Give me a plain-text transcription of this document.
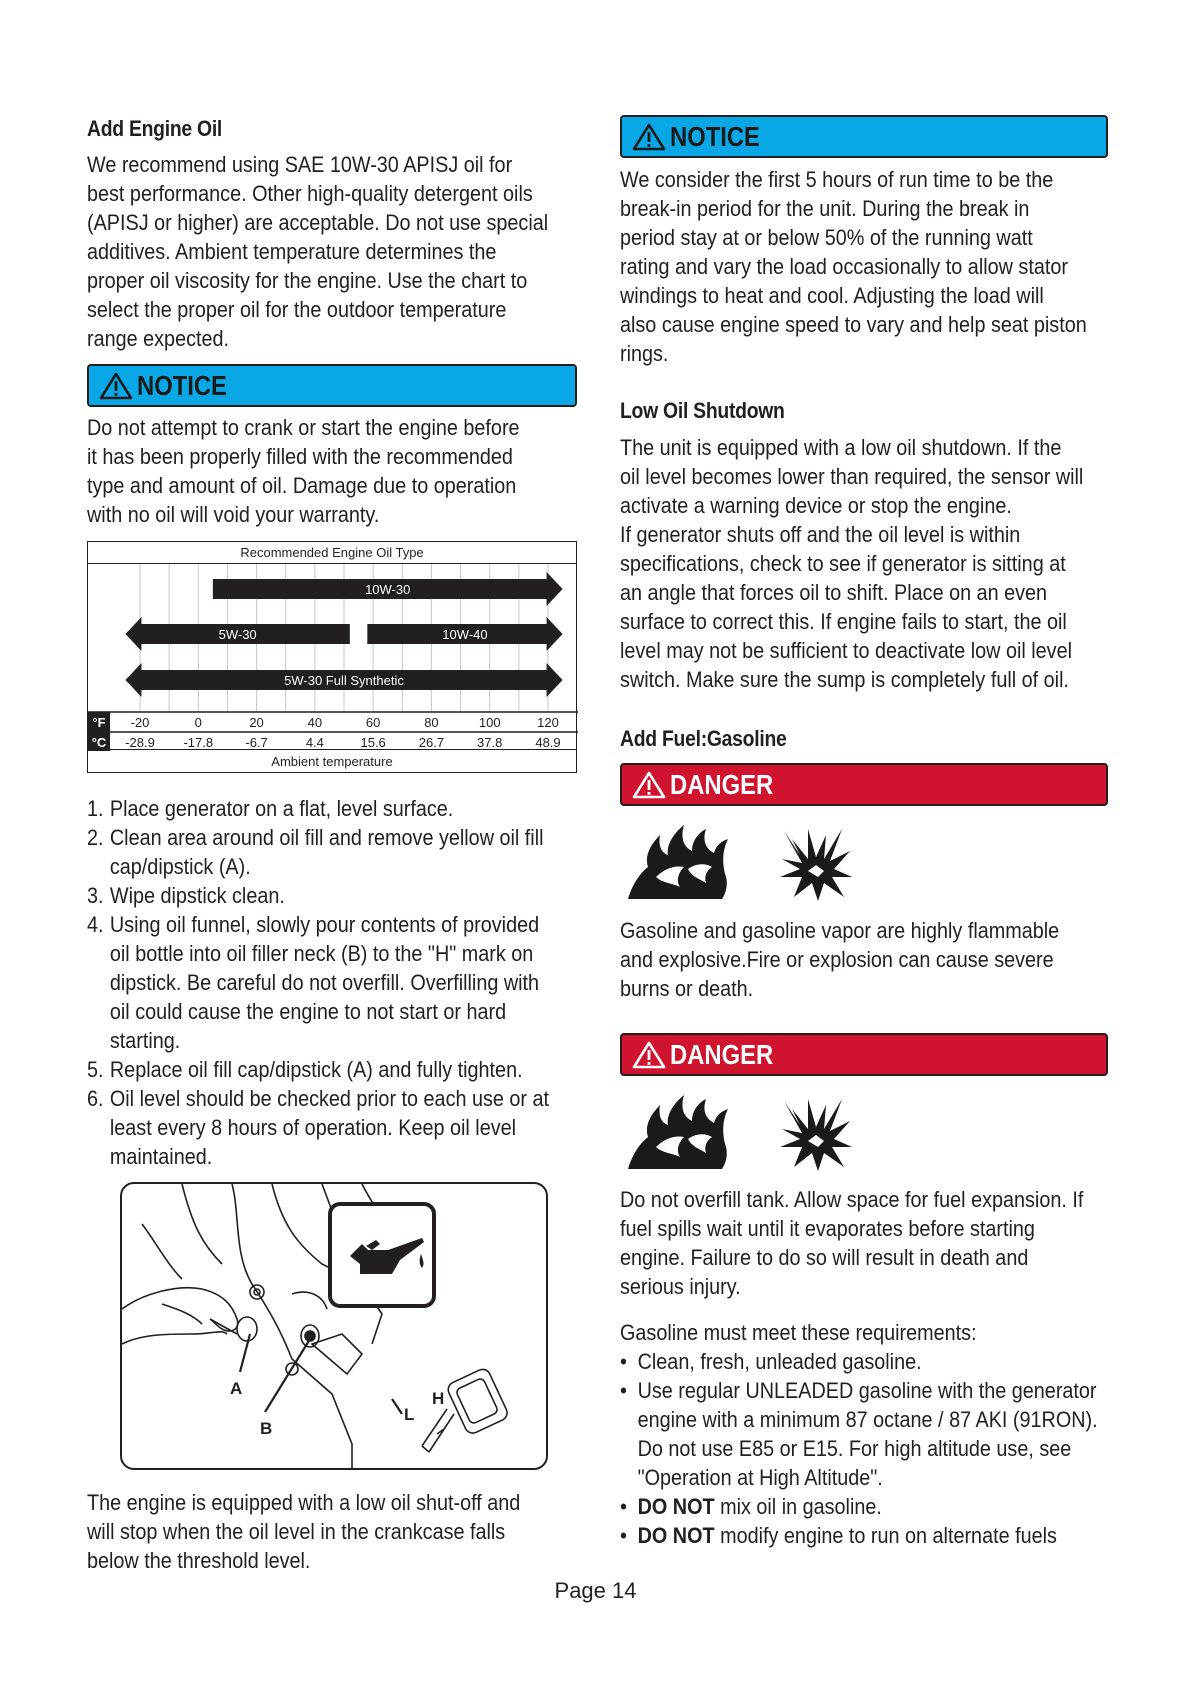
Add Engine Oil
We recommend using SAE 10W-30 APISJ oil for
best performance. Other high-quality detergent oils
(APISJ or higher) are acceptable. Do not use special
additives. Ambient temperature determines the
proper oil viscosity for the engine. Use the chart to
select the proper oil for the outdoor temperature
range expected.
NOTICE
Do not attempt to crank or start the engine before
it has been properly filled with the recommended
type and amount of oil. Damage due to operation
with no oil will void your warranty.
Recommended Engine Oil Type
°F
°C
-20	0	20	40	60	80	100	120
-28.9 -17.8 -6.7	4.4	15.6	26.7	37.8	48.9
10W-30
5W-30	10W-40
5W-30 Full Synthetic
Ambient temperature
1. Place generator on a flat, level surface.
2. Clean area around oil fill and remove yellow oil fill
cap/dipstick (A).
3. Wipe dipstick clean.
4. Using oil funnel, slowly pour contents of provided
oil bottle into oil filler neck (B) to the "H" mark on
dipstick. Be careful do not overfill. Overfilling with
oil could cause the engine to not start or hard
starting.
5. Replace oil fill cap/dipstick (A) and fully tighten.
6. Oil level should be checked prior to each use or at
least every 8 hours of operation. Keep oil level
maintained.
A
B
L
H
The engine is equipped with a low oil shut-off and
will stop when the oil level in the crankcase falls
below the threshold level.
NOTICE
We consider the first 5 hours of run time to be the
break-in period for the unit. During the break in
period stay at or below 50% of the running watt
rating and vary the load occasionally to allow stator
windings to heat and cool. Adjusting the load will
also cause engine speed to vary and help seat piston
rings.
Low Oil Shutdown
The unit is equipped with a low oil shutdown. If the
oil level becomes lower than required, the sensor will
activate a warning device or stop the engine.
If generator shuts off and the oil level is within
specifications, check to see if generator is sitting at
an angle that forces oil to shift. Place on an even
surface to correct this. If engine fails to start, the oil
level may not be sufficient to deactivate low oil level
switch. Make sure the sump is completely full of oil.
Add Fuel:Gasoline
DANGER
Gasoline and gasoline vapor are highly flammable
and explosive.Fire or explosion can cause severe
burns or death.
DANGER
Do not overfill tank. Allow space for fuel expansion. If
fuel spills wait until it evaporates before starting
engine. Failure to do so will result in death and
serious injury.
Gasoline must meet these requirements:
• Clean, fresh, unleaded gasoline.
• Use regular UNLEADED gasoline with the generator
engine with a minimum 87 octane / 87 AKI (91RON).
Do not use E85 or E15. For high altitude use, see
"Operation at High Altitude".
• DO NOT mix oil in gasoline.
• DO NOT modify engine to run on alternate fuels
Page 14
